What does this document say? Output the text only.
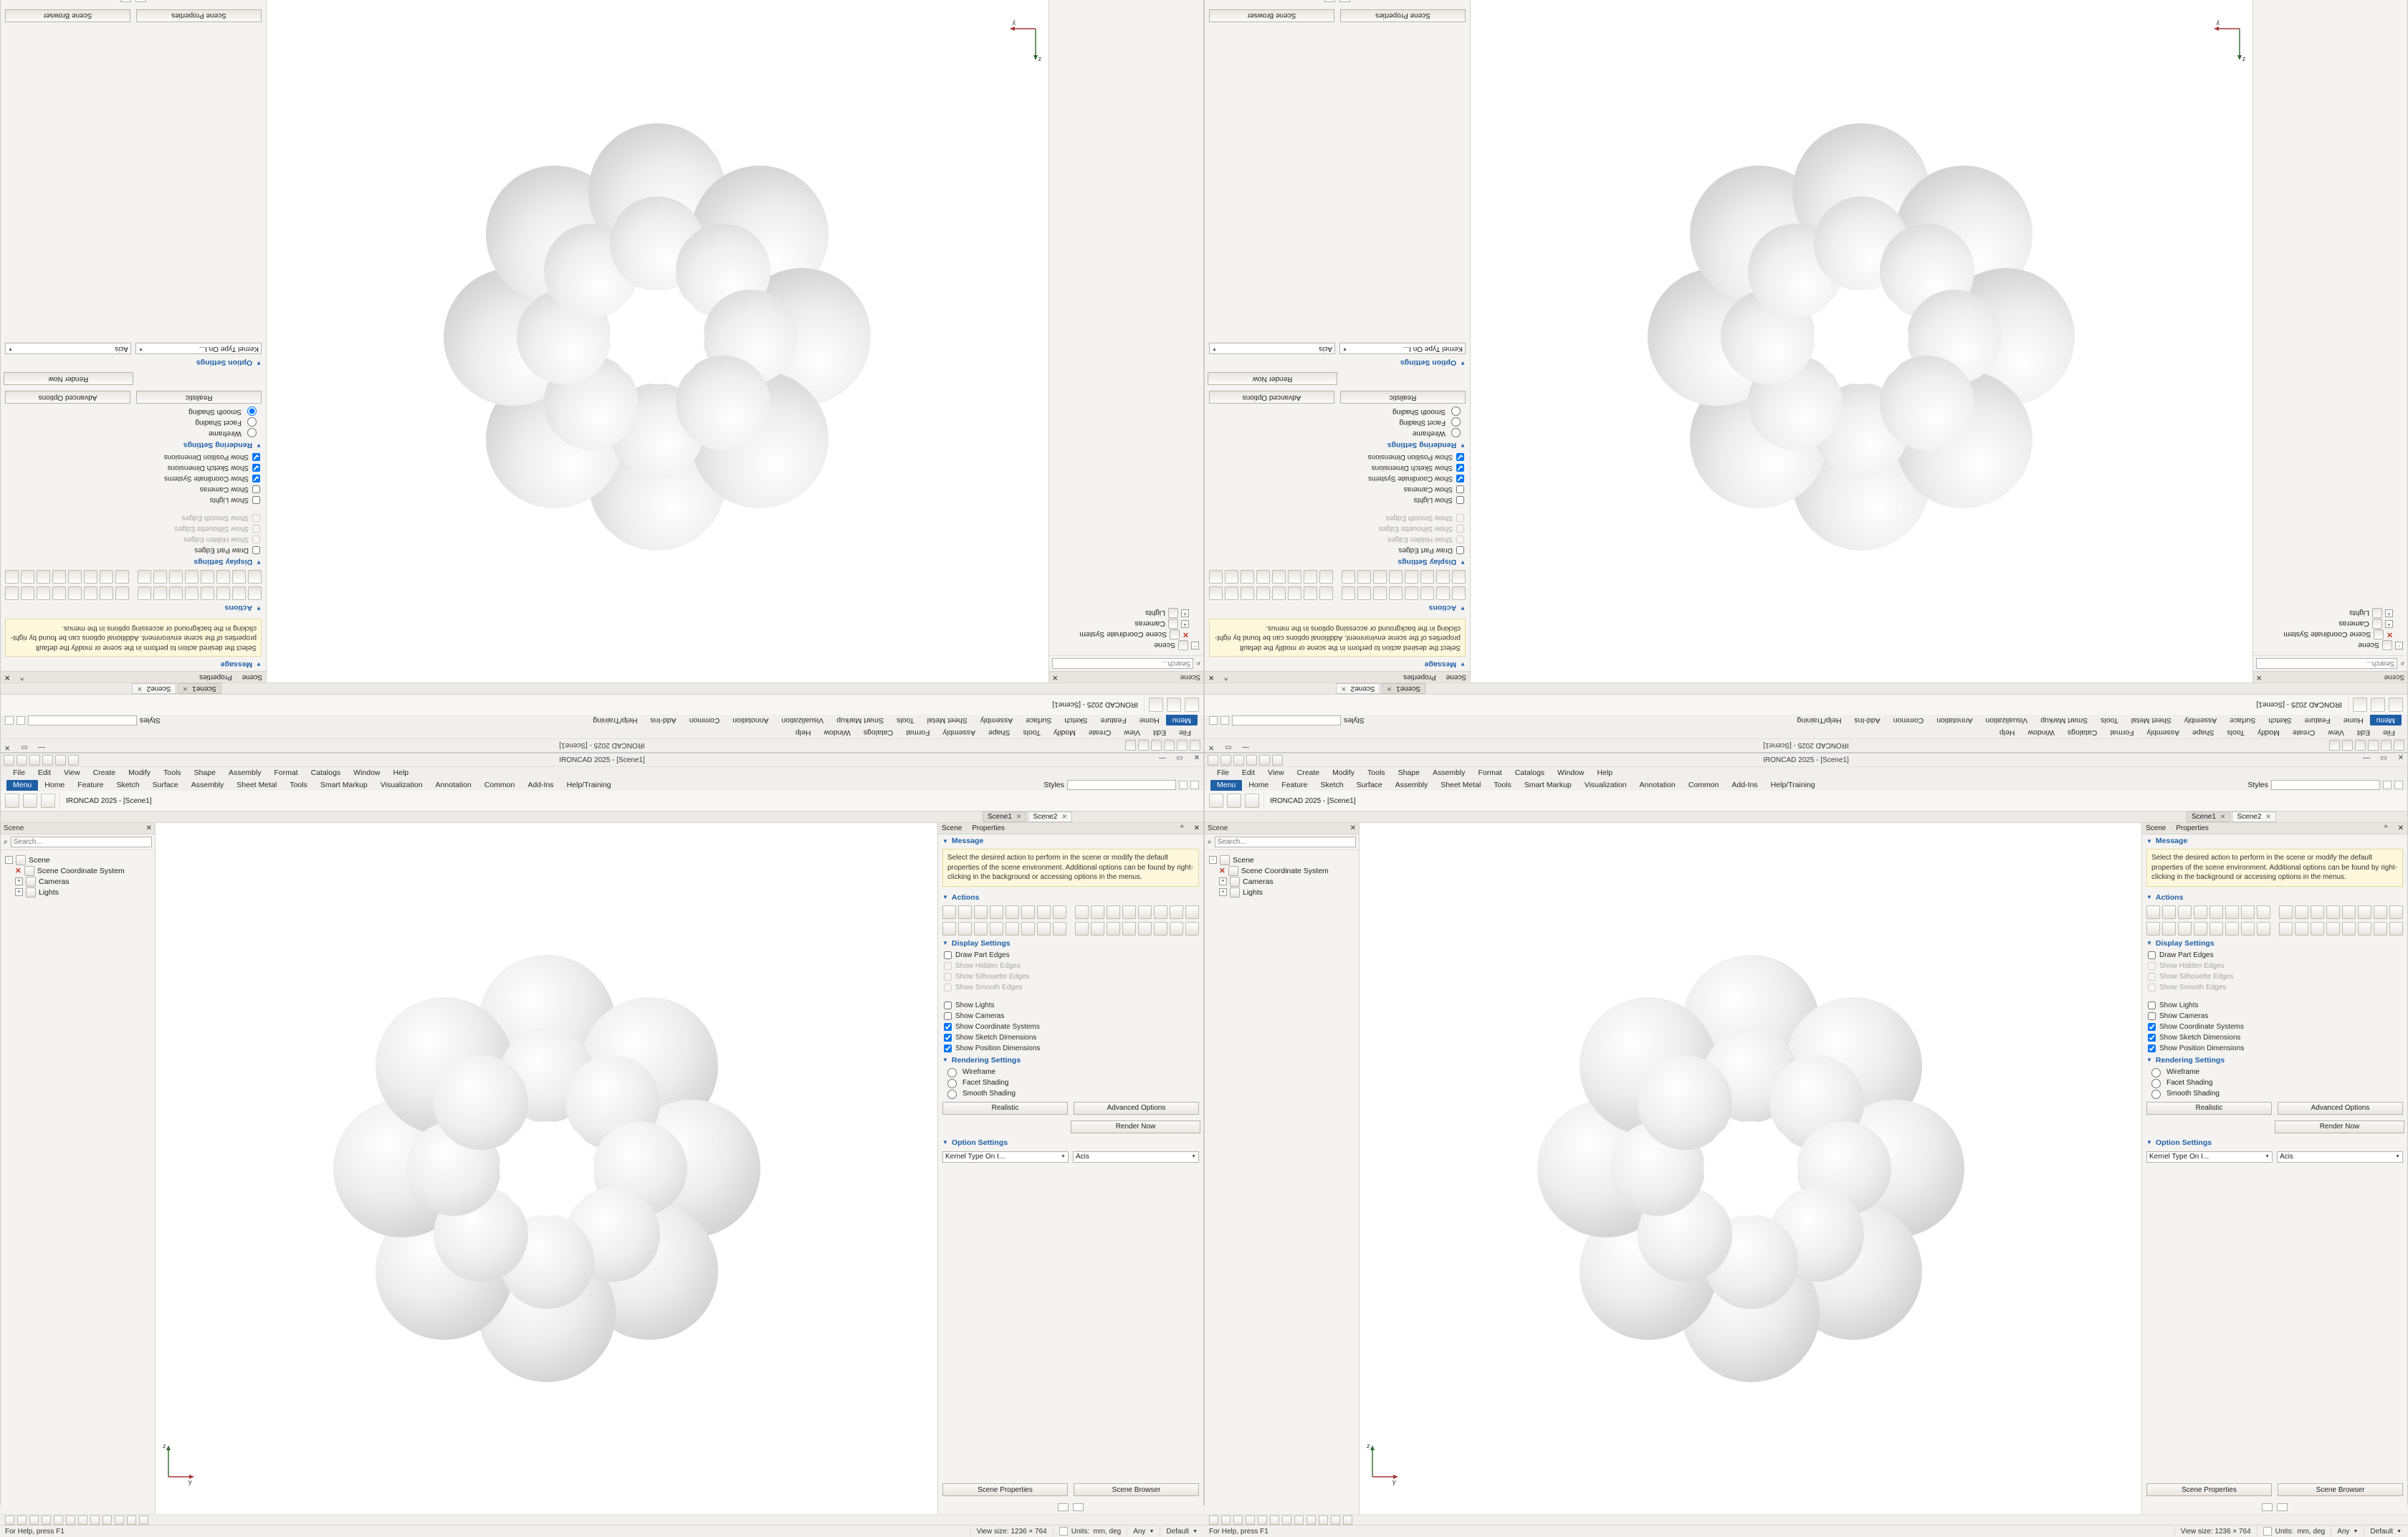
IRONCAD 2025 - [Scene1]	— ▭ ✕
File	Edit	View	Create	Modify	Tools	Shape	Assembly	Format	Catalogs	Window	Help
Menu	Home	Feature	Sketch	Surface	Assembly	Sheet Metal	Tools	Smart Markup	Visualization	Annotation	Common	Add-Ins	Help/Training	Styles
IRONCAD 2025 - [Scene1]
Scene1 ✕ Scene2 ✕
Scene	✕
⌕
Search...
-	Scene
✕ Scene Coordinate System
+	Cameras
+	Lights
z
y
Scene Properties	^ ✕
▼ Message
Select the desired action to perform in the scene or modify the default properties of the scene environment. Additional options can be found by right-clicking in the background or accessing options in the menus.
▼ Actions
▼ Display Settings
Draw Part Edges
Show Hidden Edges
Show Silhouette Edges
Show Smooth Edges
Show Lights
Show Cameras
Show Coordinate Systems
Show Sketch Dimensions
Show Position Dimensions
▼ Rendering Settings
Wireframe
Facet Shading
Smooth Shading
Realistic	Advanced Options
Render Now
▼ Option Settings
Kernel Type On I...	▼ Acis	▼
Scene Properties	Scene Browser
For Help, press F1	View size: 1236 × 764	Units: mm, deg Any ▼ Default ▼
IRONCAD 2025 - [Scene1]
—
▭
✕
File
Edit
View
Create
Modify
Tools
Shape
Assembly
Format
Catalogs
Window
Help
Menu
Home
Feature
Sketch
Surface
Assembly
Sheet Metal
Tools
Smart Markup
Visualization
Annotation
Common
Add-Ins
Help/Training
Styles
IRONCAD 2025 - [Scene1]
Scene1
✕
Scene2
✕
Scene
✕
⌕
Search...
-
Scene
✕
Scene Coordinate System
+
Cameras
+
Lights
z
y
Scene
Properties
^
✕
▼
Message
Select the desired action to perform in the scene or modify the default properties of the scene environment. Additional options can be found by right-clicking in the background or accessing options in the menus.
▼
Actions
▼
Display Settings
Draw Part Edges
Show Hidden Edges
Show Silhouette Edges
Show Smooth Edges
Show Lights
Show Cameras
Show Coordinate Systems
Show Sketch Dimensions
Show Position Dimensions
▼
Rendering Settings
Wireframe
Facet Shading
Smooth Shading
Realistic
Advanced Options
Render Now
▼
Option Settings
Kernel Type On I...
▼
Acis
▼
Scene Properties
Scene Browser
IRONCAD 2025 - [Scene1]
—
▭
✕
File
Edit
View
Create
Modify
Tools
Shape
Assembly
Format
Catalogs
Window
Help
Menu
Home
Feature
Sketch
Surface
Assembly
Sheet Metal
Tools
Smart Markup
Visualization
Annotation
Common
Add-Ins
Help/Training
Styles
IRONCAD 2025 - [Scene1]
Scene1
✕
Scene2
✕
Scene
✕
⌕
Search...
-
Scene
✕
Scene Coordinate System
+
Cameras
+
Lights
z
y
Scene
Properties
^
✕
▼
Message
Select the desired action to perform in the scene or modify the default properties of the scene environment. Additional options can be found by right-clicking in the background or accessing options in the menus.
▼
Actions
▼
Display Settings
Draw Part Edges
Show Hidden Edges
Show Silhouette Edges
Show Smooth Edges
Show Lights
Show Cameras
Show Coordinate Systems
Show Sketch Dimensions
Show Position Dimensions
▼
Rendering Settings
Wireframe
Facet Shading
Smooth Shading
Realistic
Advanced Options
Render Now
▼
Option Settings
Kernel Type On I...
▼
Acis
▼
Scene Properties
Scene Browser
IRONCAD 2025 - [Scene1]	— ▭ ✕
File	Edit	View	Create	Modify	Tools	Shape	Assembly	Format	Catalogs	Window	Help
Menu	Home	Feature	Sketch	Surface	Assembly	Sheet Metal	Tools	Smart Markup	Visualization	Annotation	Common	Add-Ins	Help/Training	Styles
IRONCAD 2025 - [Scene1]
Scene1 ✕ Scene2 ✕
Scene	✕
⌕
Search...
-	Scene
✕ Scene Coordinate System
+	Cameras
+	Lights
z
y
Scene Properties	^ ✕
▼ Message
Select the desired action to perform in the scene or modify the default properties of the scene environment. Additional options can be found by right-clicking in the background or accessing options in the menus.
▼ Actions
▼ Display Settings
Draw Part Edges
Show Hidden Edges
Show Silhouette Edges
Show Smooth Edges
Show Lights
Show Cameras
Show Coordinate Systems
Show Sketch Dimensions
Show Position Dimensions
▼ Rendering Settings
Wireframe
Facet Shading
Smooth Shading
Realistic	Advanced Options
Render Now
▼ Option Settings
Kernel Type On I...	▼ Acis	▼
Scene Properties	Scene Browser
For Help, press F1	View size: 1236 × 764	Units: mm, deg Any ▼ Default ▼
